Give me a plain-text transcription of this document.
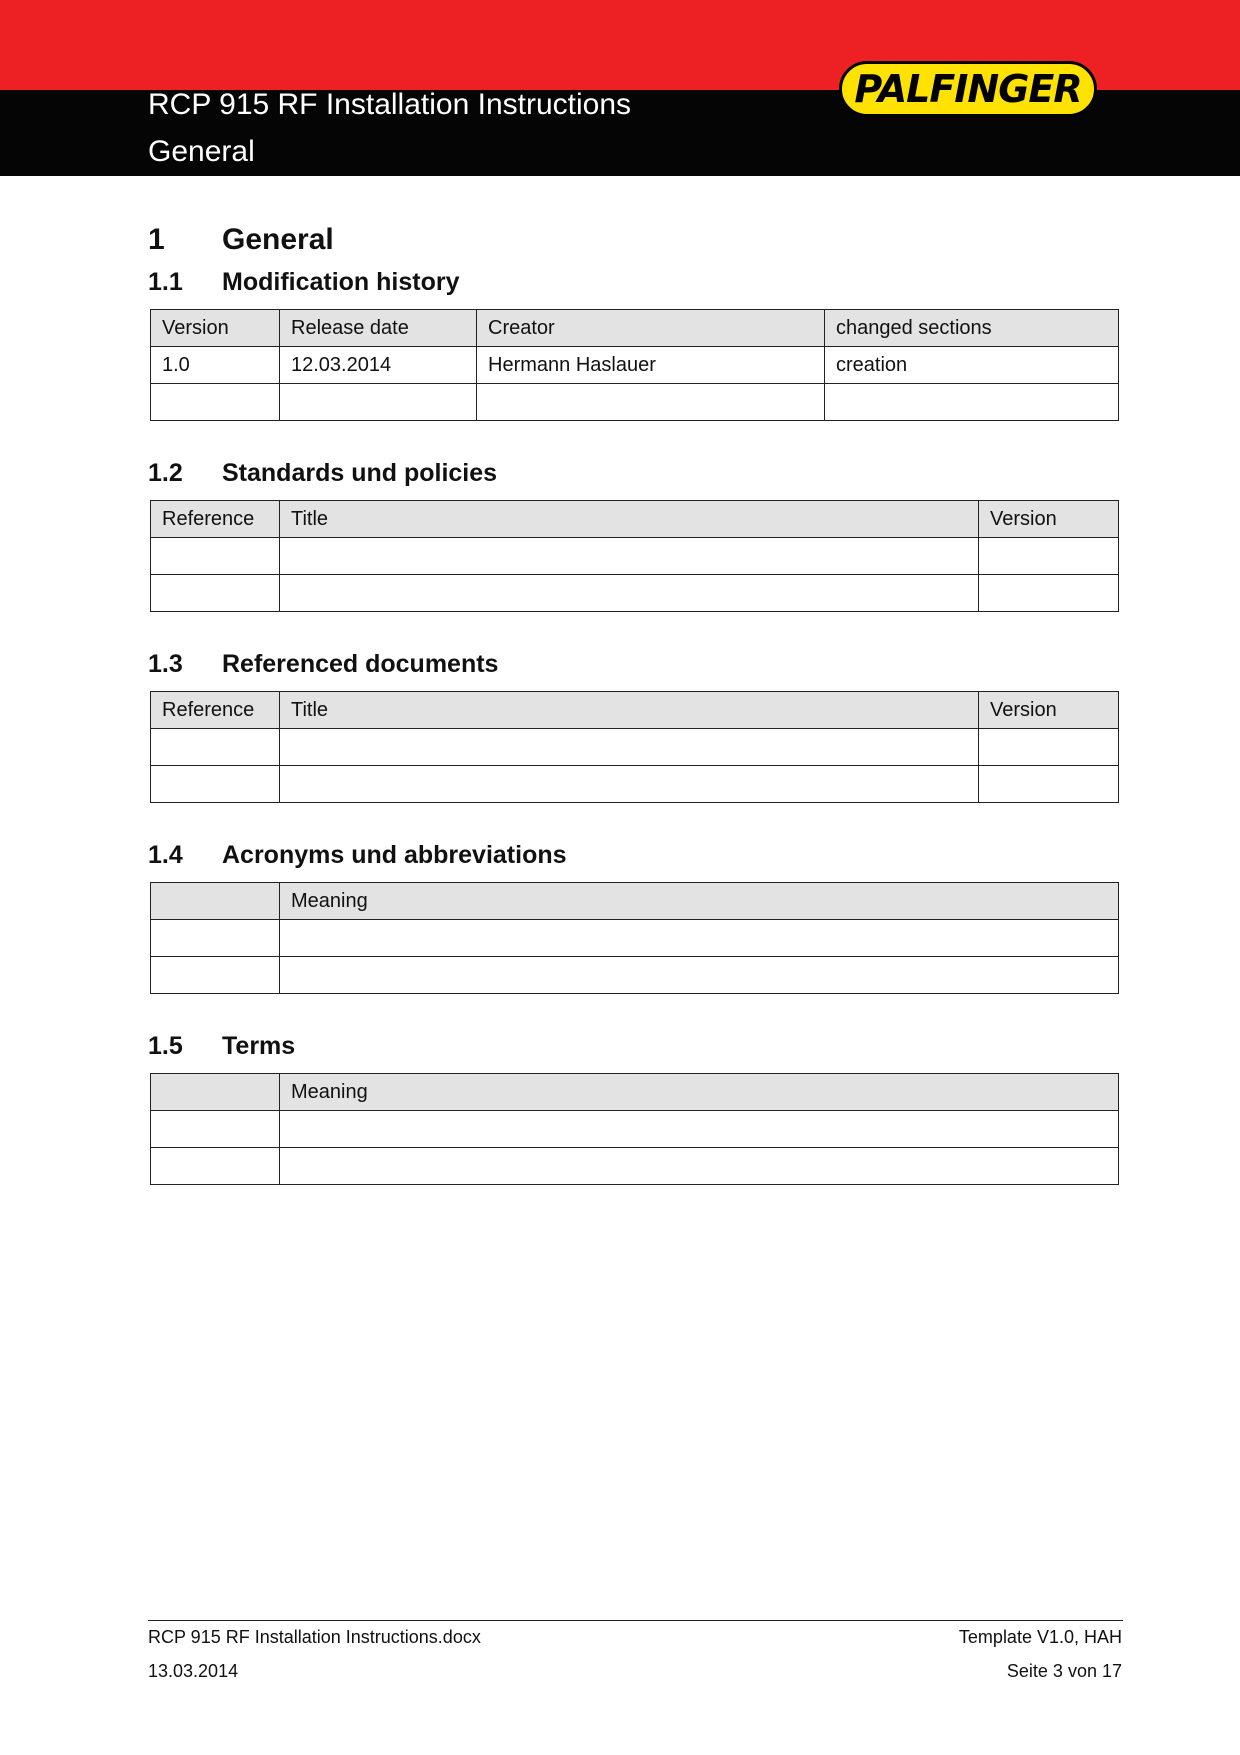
RCP 915 RF Installation Instructions
General
PALFINGER
1 General
1.1 Modification history
Version	Release date	Creator	changed sections
1.0	12.03.2014	Hermann Haslauer	creation

1.2 Standards und policies
Reference	Title	Version

1.3 Referenced documents
Reference	Title	Version

1.4 Acronyms und abbreviations
	Meaning

1.5 Terms
	Meaning

RCP 915 RF Installation Instructions.docx	Template V1.0, HAH
13.03.2014	Seite 3 von 17
